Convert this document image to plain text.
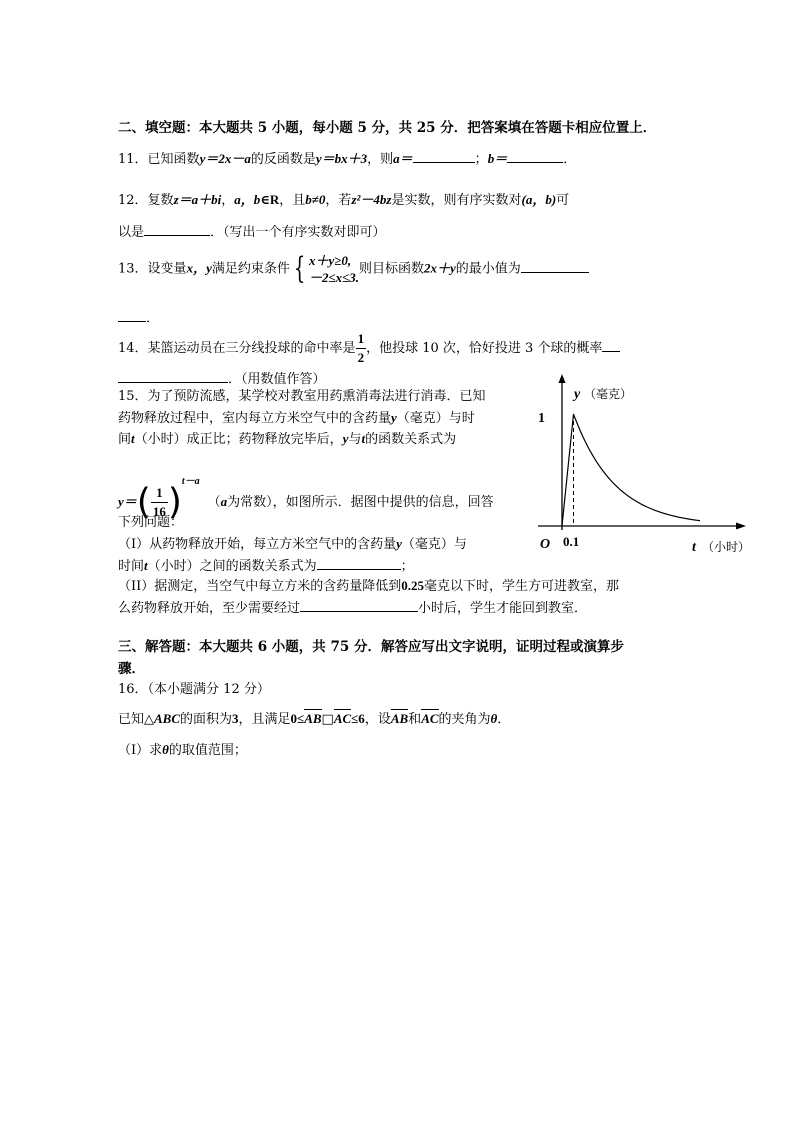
二、填空题：本大题共 5 小题，每小题 5 分，共 25 分．把答案填在答题卡相应位置上．
11．已知函数y＝2x－a的反函数是y＝bx＋3，则a＝	；b＝	．
12．复数z＝a＋bi，a，b∈R，且b≠0，若z²－4bz是实数，则有序实数对(a，b)可
以是	．（写出一个有序实数对即可）
13．设变量x，y满足约束条件 { x＋y≥0,
－2≤x≤3.
则目标函数2x＋y的最小值为
．
14．某篮运动员在三分线投球的命中率是 $\frac{1}{2}$ ，他投球 10 次，恰好投进 3 个球的概率
．（用数值作答）
15．为了预防流感，某学校对教室用药熏消毒法进行消毒．已知
药物释放过程中，室内每立方米空气中的含药量y（毫克）与时
间t（小时）成正比；药物释放完毕后，y与t的函数关系式为
$y=( \frac{1}{16} )^{t-a}(a$为常数），如图所示．据图中提供的信息，回答
下列问题：
（I）从药物释放开始，每立方米空气中的含药量y（毫克）与
时间t（小时）之间的函数关系式为	；
（II）据测定，当空气中每立方米的含药量降低到0.25毫克以下时，学生方可进教室，那
么药物释放开始，至少需要经过	小时后，学生才能回到教室．
y （毫克）
1
O 0.1	t （小时）
三、解答题：本大题共 6 小题，共 75 分．解答应写出文字说明，证明过程或演算步
骤．
16．（本小题满分 12 分）
已知△ABC的面积为3，且满足0≤AB□AC≤6，设AB和AC的夹角为θ．
（I）求θ的取值范围；
